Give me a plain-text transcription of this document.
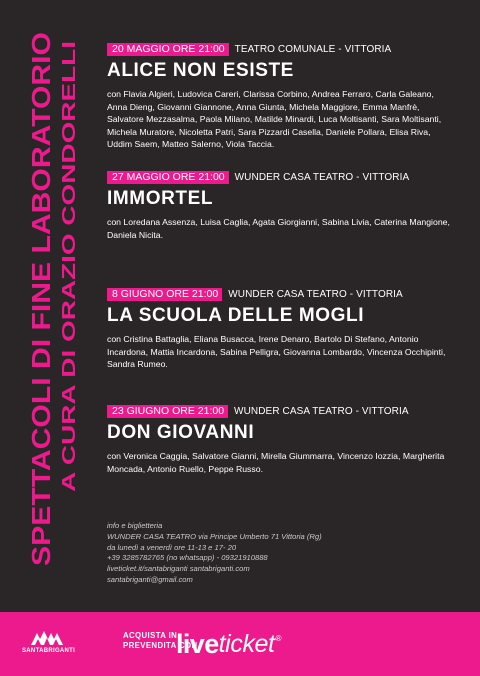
SPETTACOLI DI FINE LABORATORIO A CURA DI ORAZIO CONDORELLI
20 MAGGIO ORE 21:00	TEATRO COMUNALE - VITTORIA
ALICE NON ESISTE
con Flavia Algieri, Ludovica Careri, Clarissa Corbino, Andrea Ferraro, Carla Galeano, Anna Dieng, Giovanni Giannone, Anna Giunta, Michela Maggiore, Emma Manfrè, Salvatore Mezzasalma, Paola Milano, Matilde Minardi, Luca Moltisanti, Sara Moltisanti, Michela Muratore, Nicoletta Patri, Sara Pizzardi Casella, Daniele Pollara, Elisa Riva, Uddim Saem, Matteo Salerno, Viola Taccia.
27 MAGGIO ORE 21:00	WUNDER CASA TEATRO - VITTORIA
IMMORTEL
con Loredana Assenza, Luisa Caglia, Agata Giorgianni, Sabina Livia, Caterina Mangione, Daniela Nicita.
8 GIUGNO ORE 21:00	WUNDER CASA TEATRO - VITTORIA
LA SCUOLA DELLE MOGLI
con Cristina Battaglia, Eliana Busacca, Irene Denaro, Bartolo Di Stefano, Antonio Incardona, Mattia Incardona, Sabina Pelligra, Giovanna Lombardo, Vincenza Occhipinti, Sandra Rumeo.
23 GIUGNO ORE 21:00	WUNDER CASA TEATRO - VITTORIA
DON GIOVANNI
con Veronica Caggia, Salvatore Gianni, Mirella Giummarra, Vincenzo Iozzia, Margherita Moncada, Antonio Ruello, Peppe Russo.
info e biglietteria
WUNDER CASA TEATRO via Principe Umberto 71 Vittoria (Rg)
da lunedì a venerdì ore 11-13 e 17- 20
+39 3285782765 (no whatsapp) - 09321910888
liveticket.it/santabriganti santabriganti.com
santabriganti@gmail.com
SANTABRIGANTI
ACQUISTA IN
PREVENDITA CON
live ticket ®
